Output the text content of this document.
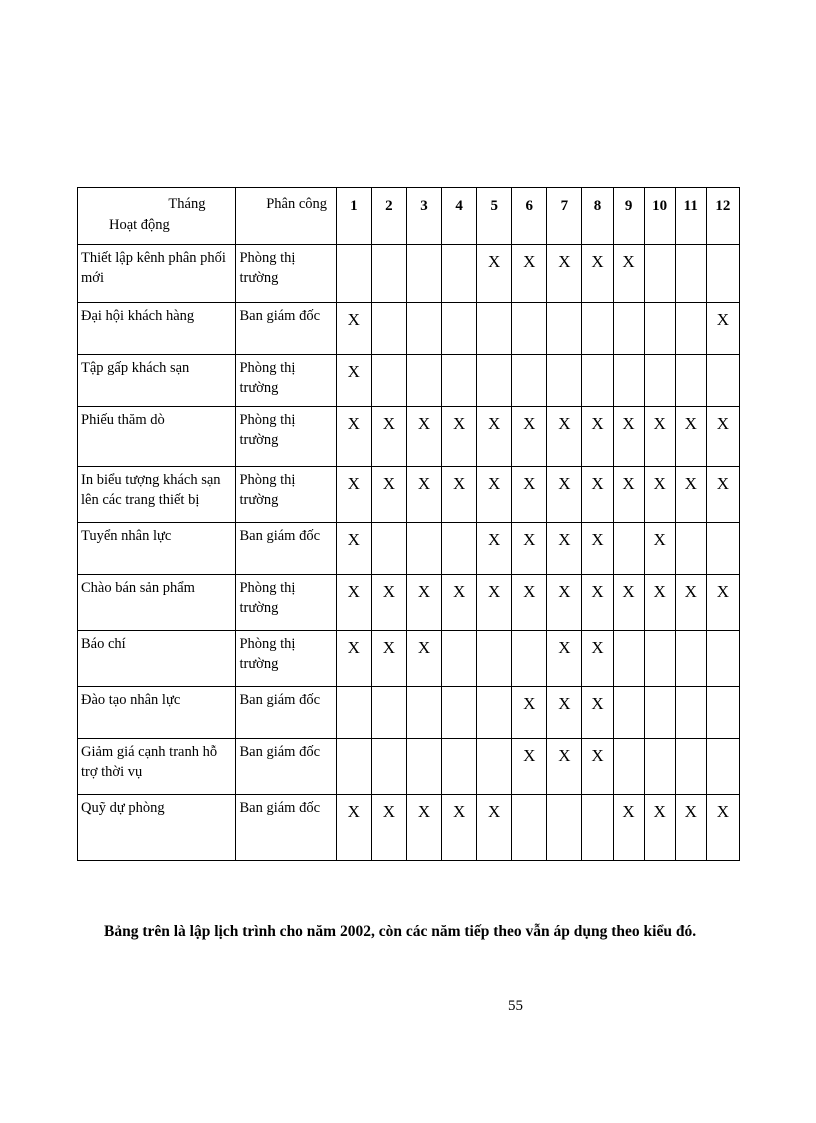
Tháng
Hoạt động	Phân công	1	2	3	4	5	6	7	8	9	10	11	12
Thiết lập kênh phân phối mới	Phòng thị trường					X	X	X	X	X			
Đại hội khách hàng	Ban giám đốc	X											X
Tập gấp khách sạn	Phòng thị trường	X											
Phiếu thăm dò	Phòng thị trường	X	X	X	X	X	X	X	X	X	X	X	X
In biểu tượng khách sạn lên các trang thiết bị	Phòng thị trường	X	X	X	X	X	X	X	X	X	X	X	X
Tuyển nhân lực	Ban giám đốc	X				X	X	X	X		X		
Chào bán sản phẩm	Phòng thị trường	X	X	X	X	X	X	X	X	X	X	X	X
Báo chí	Phòng thị trường	X	X	X				X	X				
Đào tạo nhân lực	Ban giám đốc						X	X	X				
Giảm giá cạnh tranh hỗ trợ thời vụ	Ban giám đốc						X	X	X				
Quỹ dự phòng	Ban giám đốc	X	X	X	X	X				X	X	X	X
Bảng trên là lập lịch trình cho năm 2002, còn các năm tiếp theo vẫn áp dụng theo kiểu đó.
55
